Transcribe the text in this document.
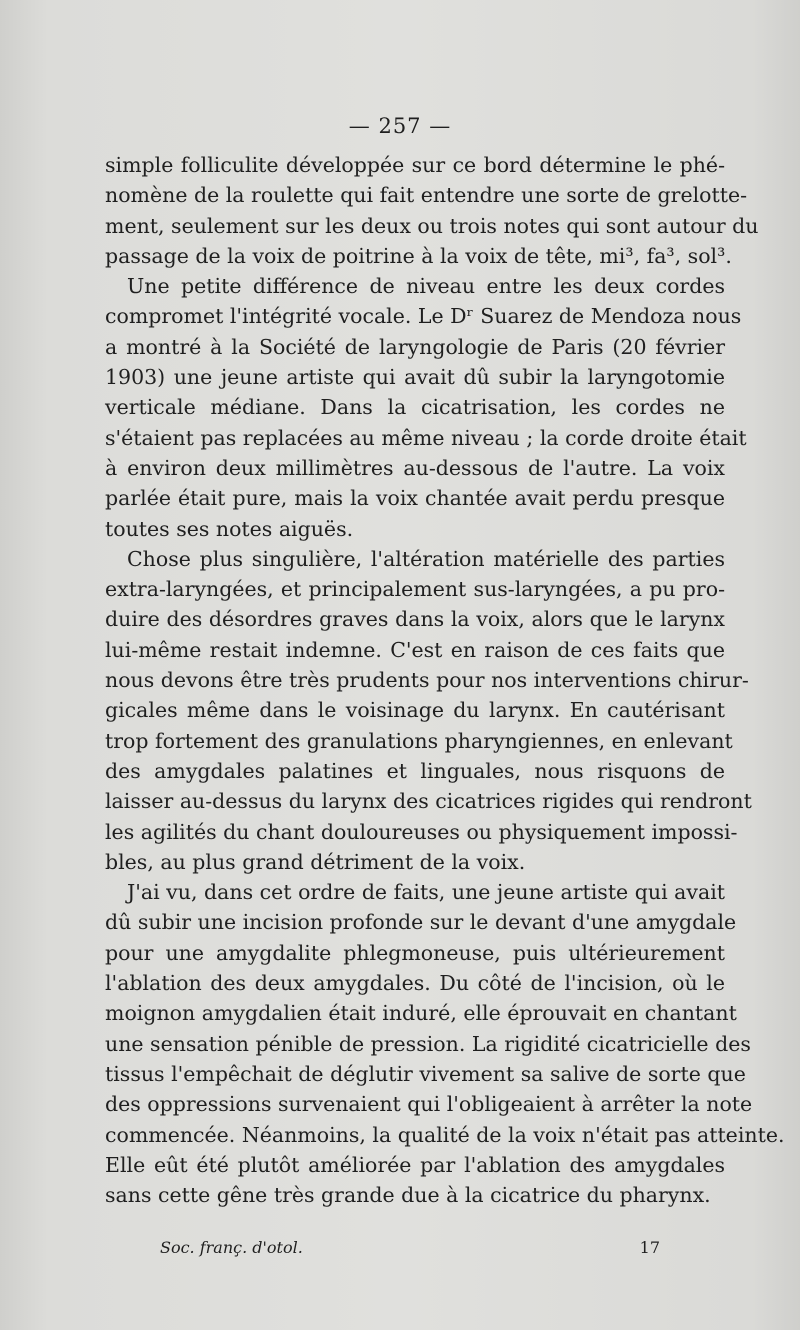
— 257 —
simple folliculite développée sur ce bord détermine le phé-
nomène de la roulette qui fait entendre une sorte de grelotte-
ment, seulement sur les deux ou trois notes qui sont autour du
passage de la voix de poitrine à la voix de tête, mi³, fa³, sol³.
Une petite différence de niveau entre les deux cordes
compromet l'intégrité vocale. Le Dʳ Suarez de Mendoza nous
a montré à la Société de laryngologie de Paris (20 février
1903) une jeune artiste qui avait dû subir la laryngotomie
verticale médiane. Dans la cicatrisation, les cordes ne
s'étaient pas replacées au même niveau ; la corde droite était
à environ deux millimètres au-dessous de l'autre. La voix
parlée était pure, mais la voix chantée avait perdu presque
toutes ses notes aiguës.
Chose plus singulière, l'altération matérielle des parties
extra-laryngées, et principalement sus-laryngées, a pu pro-
duire des désordres graves dans la voix, alors que le larynx
lui-même restait indemne. C'est en raison de ces faits que
nous devons être très prudents pour nos interventions chirur-
gicales même dans le voisinage du larynx. En cautérisant
trop fortement des granulations pharyngiennes, en enlevant
des amygdales palatines et linguales, nous risquons de
laisser au-dessus du larynx des cicatrices rigides qui rendront
les agilités du chant douloureuses ou physiquement impossi-
bles, au plus grand détriment de la voix.
J'ai vu, dans cet ordre de faits, une jeune artiste qui avait
dû subir une incision profonde sur le devant d'une amygdale
pour une amygdalite phlegmoneuse, puis ultérieurement
l'ablation des deux amygdales. Du côté de l'incision, où le
moignon amygdalien était induré, elle éprouvait en chantant
une sensation pénible de pression. La rigidité cicatricielle des
tissus l'empêchait de déglutir vivement sa salive de sorte que
des oppressions survenaient qui l'obligeaient à arrêter la note
commencée. Néanmoins, la qualité de la voix n'était pas atteinte.
Elle eût été plutôt améliorée par l'ablation des amygdales
sans cette gêne très grande due à la cicatrice du pharynx.
Soc. franç. d'otol.	17
